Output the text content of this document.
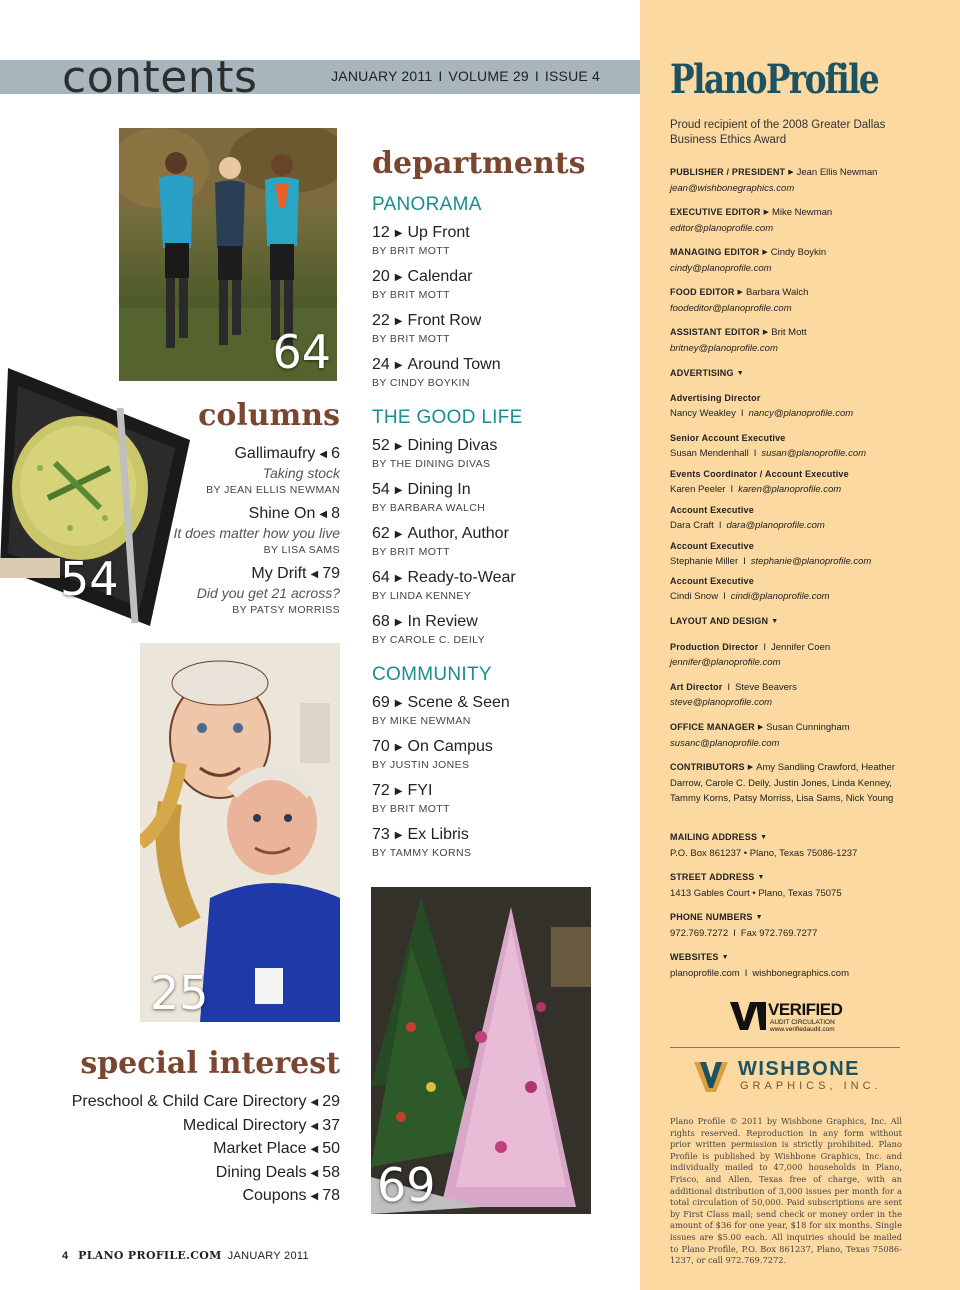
contents	JANUARY 2011 I VOLUME 29 I ISSUE 4
64
54
25
69
departments
PANORAMA
12 ▶ Up Front
BY BRIT MOTT
20 ▶ Calendar
BY BRIT MOTT
22 ▶ Front Row
BY BRIT MOTT
24 ▶ Around Town
BY CINDY BOYKIN
THE GOOD LIFE
52 ▶ Dining Divas
BY THE DINING DIVAS
54 ▶ Dining In
BY BARBARA WALCH
62 ▶ Author, Author
BY BRIT MOTT
64 ▶ Ready-to-Wear
BY LINDA KENNEY
68 ▶ In Review
BY CAROLE C. DEILY
COMMUNITY
69 ▶ Scene & Seen
BY MIKE NEWMAN
70 ▶ On Campus
BY JUSTIN JONES
72 ▶ FYI
BY BRIT MOTT
73 ▶ Ex Libris
BY TAMMY KORNS
columns
Gallimaufry ◀ 6
Taking stock
BY JEAN ELLIS NEWMAN
Shine On ◀ 8
It does matter how you live
BY LISA SAMS
My Drift ◀ 79
Did you get 21 across?
BY PATSY MORRISS
special interest
Preschool & Child Care Directory ◀ 29
Medical Directory ◀ 37
Market Place ◀ 50
Dining Deals ◀ 58
Coupons ◀ 78
4 PLANO PROFILE.COM JANUARY 2011
PlanoProfile
Proud recipient of the 2008 Greater Dallas Business Ethics Award
PUBLISHER / PRESIDENT ▶ Jean Ellis Newman
jean@wishbonegraphics.com
EXECUTIVE EDITOR ▶ Mike Newman
editor@planoprofile.com
MANAGING EDITOR ▶ Cindy Boykin
cindy@planoprofile.com
FOOD EDITOR ▶ Barbara Walch
foodeditor@planoprofile.com
ASSISTANT EDITOR ▶ Brit Mott
britney@planoprofile.com
ADVERTISING ▼
Advertising Director
Nancy Weakley I nancy@planoprofile.com
Senior Account Executive
Susan Mendenhall I susan@planoprofile.com
Events Coordinator / Account Executive
Karen Peeler I karen@planoprofile.com
Account Executive
Dara Craft I dara@planoprofile.com
Account Executive
Stephanie Miller I stephanie@planoprofile.com
Account Executive
Cindi Snow I cindi@planoprofile.com
LAYOUT AND DESIGN ▼
Production Director I Jennifer Coen
jennifer@planoprofile.com
Art Director I Steve Beavers
steve@planoprofile.com
OFFICE MANAGER ▶ Susan Cunningham
susanc@planoprofile.com
CONTRIBUTORS ▶ Amy Sandling Crawford, Heather Darrow, Carole C. Deily, Justin Jones, Linda Kenney, Tammy Korns, Patsy Morriss, Lisa Sams, Nick Young
MAILING ADDRESS ▼
P.O. Box 861237 • Plano, Texas 75086-1237
STREET ADDRESS ▼
1413 Gables Court • Plano, Texas 75075
PHONE NUMBERS ▼
972.769.7272 I Fax 972.769.7277
WEBSITES ▼
planoprofile.com I wishbonegraphics.com
VERIFIED
AUDIT CIRCULATION
www.verifiedaudit.com
WISHBONE
GRAPHICS, INC.
Plano Profile © 2011 by Wishbone Graphics, Inc. All rights reserved. Reproduction in any form without prior written permission is strictly prohibited. Plano Profile is published by Wishbone Graphics, Inc. and individually mailed to 47,000 households in Plano, Frisco, and Allen, Texas free of charge, with an additional distribution of 3,000 issues per month for a total circulation of 50,000. Paid subscriptions are sent by First Class mail; send check or money order in the amount of $36 for one year, $18 for six months. Single issues are $5.00 each. All inquiries should be mailed to Plano Profile, P.O. Box 861237, Plano, Texas 75086-1237, or call 972.769.7272.
